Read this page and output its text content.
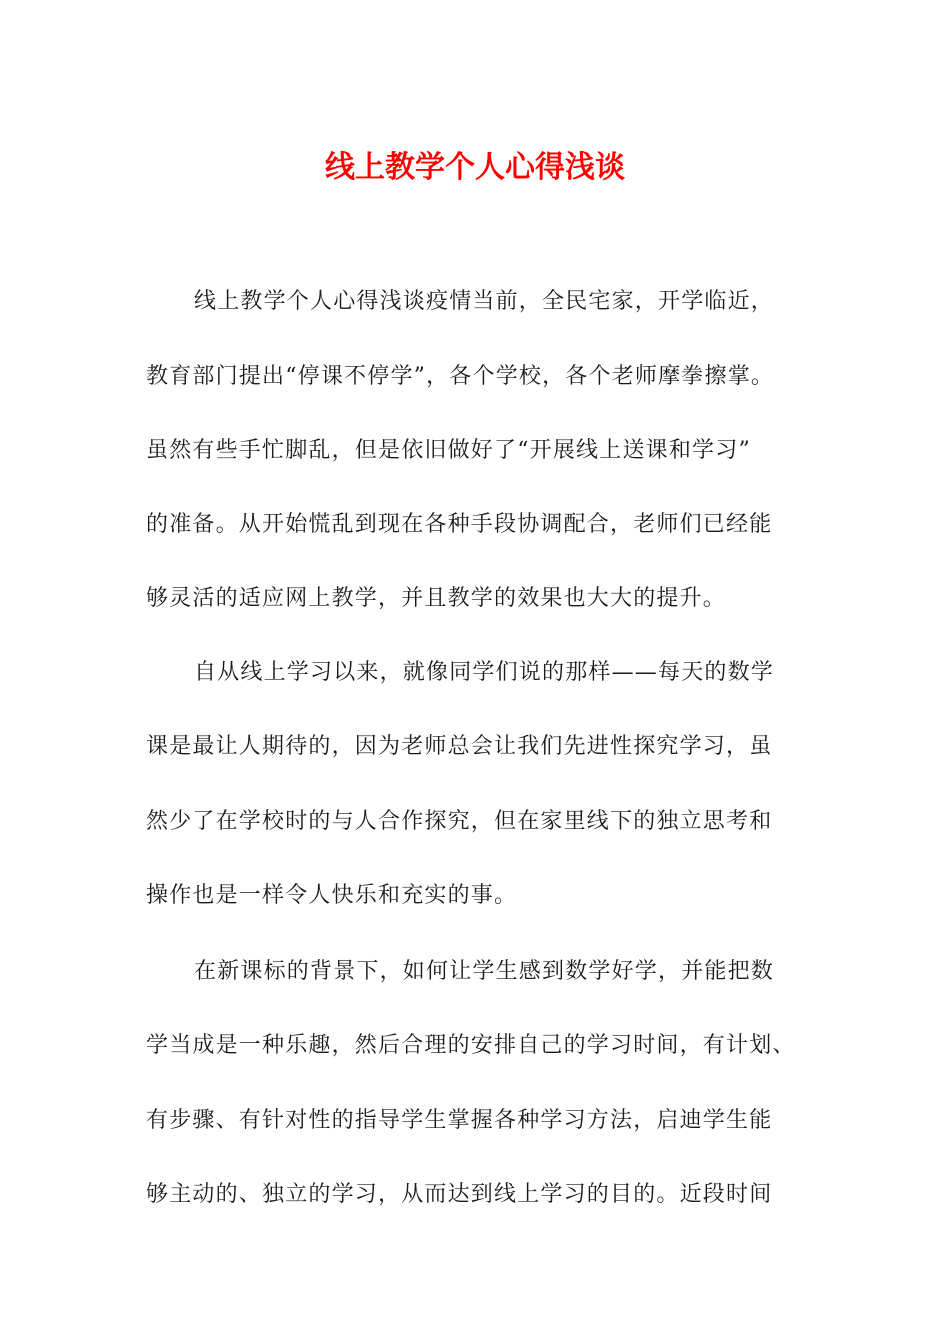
线上教学个人心得浅谈
线上教学个人心得浅谈疫情当前，全民宅家，开学临近，
教育部门提出“停课不停学”，各个学校，各个老师摩拳擦掌。
虽然有些手忙脚乱，但是依旧做好了“开展线上送课和学习”
的准备。从开始慌乱到现在各种手段协调配合，老师们已经能
够灵活的适应网上教学，并且教学的效果也大大的提升。
自从线上学习以来，就像同学们说的那样——每天的数学
课是最让人期待的，因为老师总会让我们先进性探究学习，虽
然少了在学校时的与人合作探究，但在家里线下的独立思考和
操作也是一样令人快乐和充实的事。
在新课标的背景下，如何让学生感到数学好学，并能把数
学当成是一种乐趣，然后合理的安排自己的学习时间，有计划、
有步骤、有针对性的指导学生掌握各种学习方法，启迪学生能
够主动的、独立的学习，从而达到线上学习的目的。近段时间
